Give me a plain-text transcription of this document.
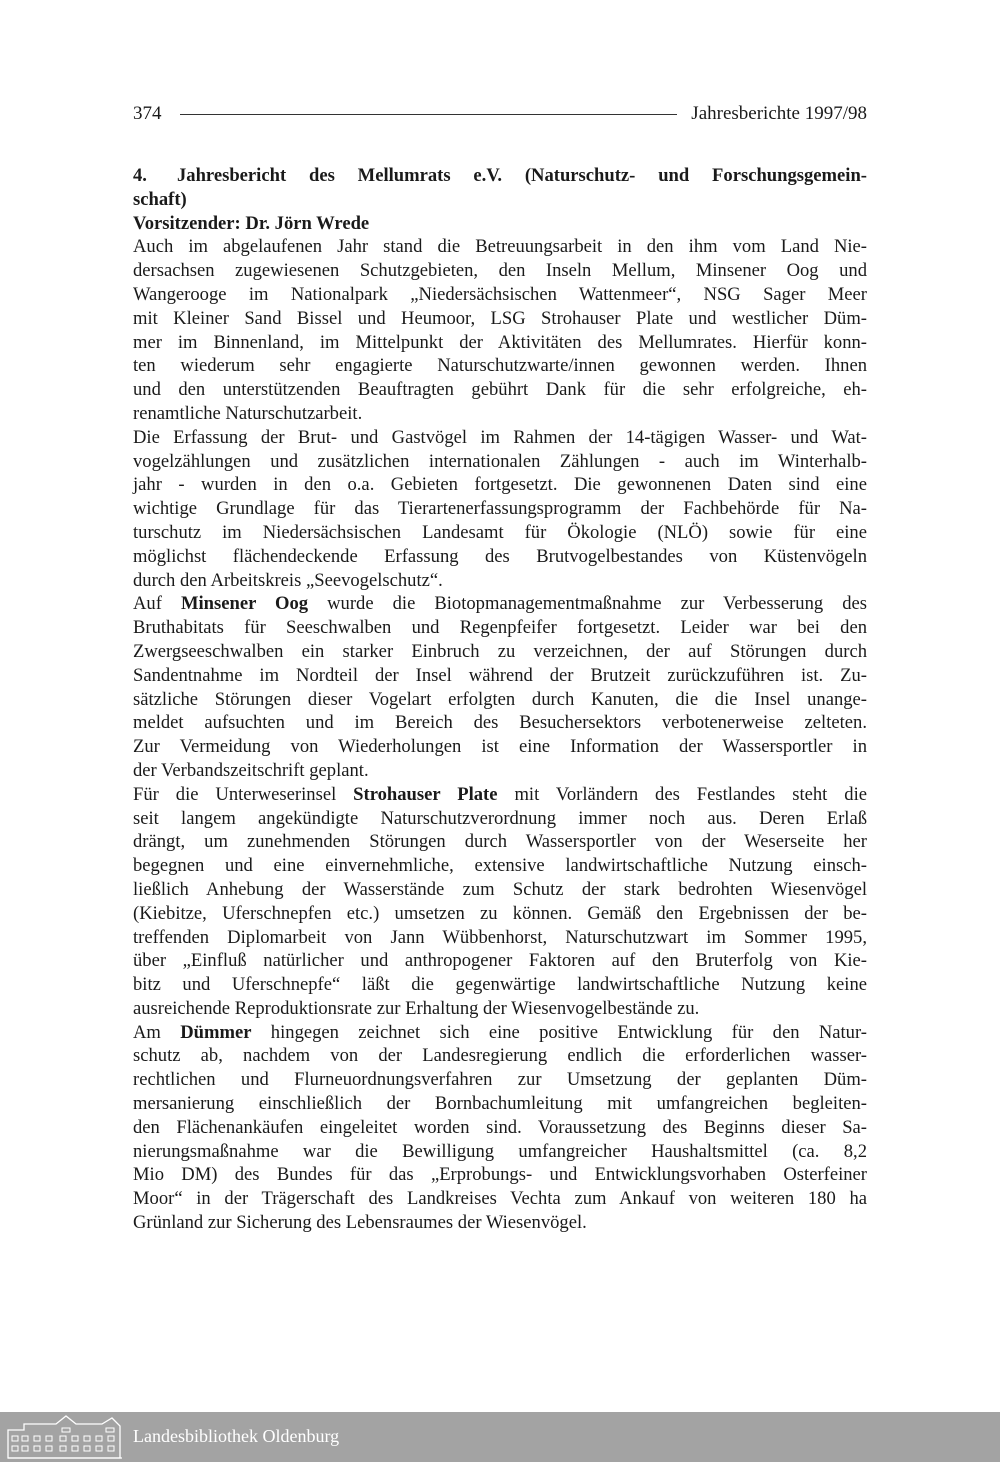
374	Jahresberichte 1997/98
4. Jahresbericht des Mellumrats e.V. (Naturschutz- und Forschungsgemein-
schaft)
Vorsitzender: Dr. Jörn Wrede
Auch im abgelaufenen Jahr stand die Betreuungsarbeit in den ihm vom Land Nie-
dersachsen zugewiesenen Schutzgebieten, den Inseln Mellum, Minsener Oog und
Wangerooge im Nationalpark „Niedersächsischen Wattenmeer“, NSG Sager Meer
mit Kleiner Sand Bissel und Heumoor, LSG Strohauser Plate und westlicher Düm-
mer im Binnenland, im Mittelpunkt der Aktivitäten des Mellumrates. Hierfür konn-
ten wiederum sehr engagierte Naturschutzwarte/innen gewonnen werden. Ihnen
und den unterstützenden Beauftragten gebührt Dank für die sehr erfolgreiche, eh-
renamtliche Naturschutzarbeit.
Die Erfassung der Brut- und Gastvögel im Rahmen der 14-tägigen Wasser- und Wat-
vogelzählungen und zusätzlichen internationalen Zählungen - auch im Winterhalb-
jahr - wurden in den o.a. Gebieten fortgesetzt. Die gewonnenen Daten sind eine
wichtige Grundlage für das Tierartenerfassungsprogramm der Fachbehörde für Na-
turschutz im Niedersächsischen Landesamt für Ökologie (NLÖ) sowie für eine
möglichst flächendeckende Erfassung des Brutvogelbestandes von Küstenvögeln
durch den Arbeitskreis „Seevogelschutz“.
Auf Minsener Oog wurde die Biotopmanagementmaßnahme zur Verbesserung des
Bruthabitats für Seeschwalben und Regenpfeifer fortgesetzt. Leider war bei den
Zwergseeschwalben ein starker Einbruch zu verzeichnen, der auf Störungen durch
Sandentnahme im Nordteil der Insel während der Brutzeit zurückzuführen ist. Zu-
sätzliche Störungen dieser Vogelart erfolgten durch Kanuten, die die Insel unange-
meldet aufsuchten und im Bereich des Besuchersektors verbotenerweise zelteten.
Zur Vermeidung von Wiederholungen ist eine Information der Wassersportler in
der Verbandszeitschrift geplant.
Für die Unterweserinsel Strohauser Plate mit Vorländern des Festlandes steht die
seit langem angekündigte Naturschutzverordnung immer noch aus. Deren Erlaß
drängt, um zunehmenden Störungen durch Wassersportler von der Weserseite her
begegnen und eine einvernehmliche, extensive landwirtschaftliche Nutzung einsch-
ließlich Anhebung der Wasserstände zum Schutz der stark bedrohten Wiesenvögel
(Kiebitze, Uferschnepfen etc.) umsetzen zu können. Gemäß den Ergebnissen der be-
treffenden Diplomarbeit von Jann Wübbenhorst, Naturschutzwart im Sommer 1995,
über „Einfluß natürlicher und anthropogener Faktoren auf den Bruterfolg von Kie-
bitz und Uferschnepfe“ läßt die gegenwärtige landwirtschaftliche Nutzung keine
ausreichende Reproduktionsrate zur Erhaltung der Wiesenvogelbestände zu.
Am Dümmer hingegen zeichnet sich eine positive Entwicklung für den Natur-
schutz ab, nachdem von der Landesregierung endlich die erforderlichen wasser-
rechtlichen und Flurneuordnungsverfahren zur Umsetzung der geplanten Düm-
mersanierung einschließlich der Bornbachumleitung mit umfangreichen begleiten-
den Flächenankäufen eingeleitet worden sind. Voraussetzung des Beginns dieser Sa-
nierungsmaßnahme war die Bewilligung umfangreicher Haushaltsmittel (ca. 8,2
Mio DM) des Bundes für das „Erprobungs- und Entwicklungsvorhaben Osterfeiner
Moor“ in der Trägerschaft des Landkreises Vechta zum Ankauf von weiteren 180 ha
Grünland zur Sicherung des Lebensraumes der Wiesenvögel.
Landesbibliothek Oldenburg
